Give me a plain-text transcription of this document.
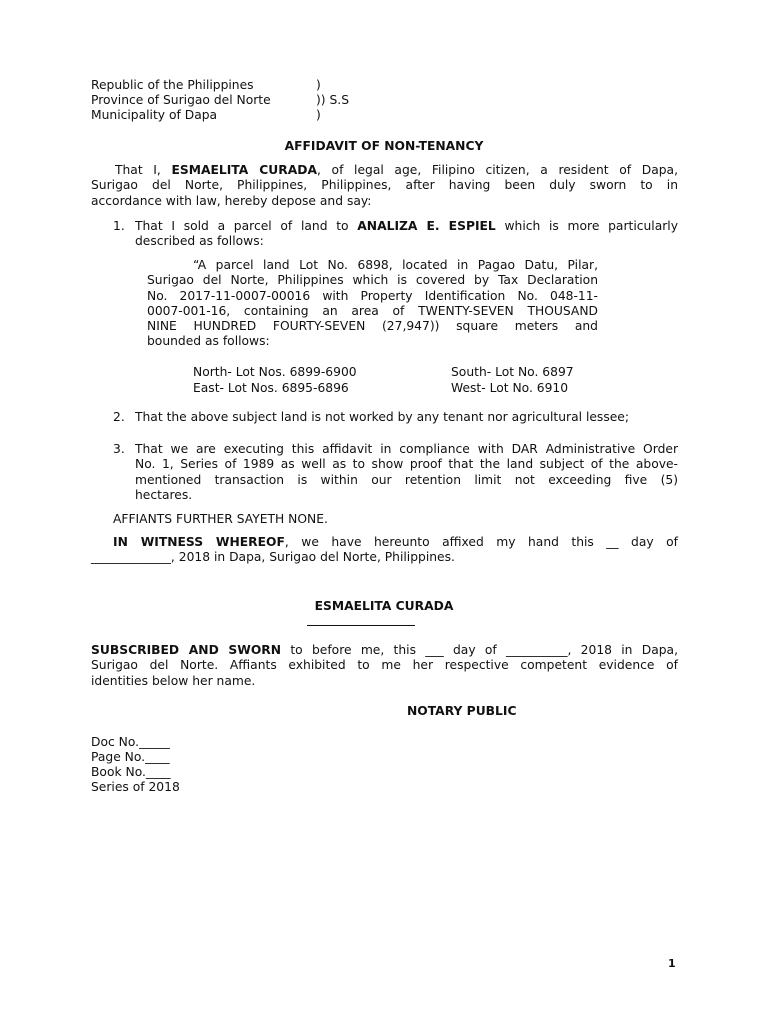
Republic of the Philippines	)
Province of Surigao del Norte	)) S.S
Municipality of Dapa	)
AFFIDAVIT OF NON-TENANCY
That I, ESMAELITA CURADA, of legal age, Filipino citizen, a resident of Dapa,
Surigao del Norte, Philippines, Philippines, after having been duly sworn to in
accordance with law, hereby depose and say:
1. That I sold a parcel of land to ANALIZA E. ESPIEL which is more particularly
described as follows:
“A parcel land Lot No. 6898, located in Pagao Datu, Pilar,
Surigao del Norte, Philippines which is covered by Tax Declaration
No. 2017-11-0007-00016 with Property Identification No. 048-11-
0007-001-16, containing an area of TWENTY-SEVEN THOUSAND
NINE HUNDRED FOURTY-SEVEN (27,947)) square meters and
bounded as follows:
North- Lot Nos. 6899-6900	South- Lot No. 6897
East- Lot Nos. 6895-6896	West- Lot No. 6910
2. That the above subject land is not worked by any tenant nor agricultural lessee;
3. That we are executing this affidavit in compliance with DAR Administrative Order
No. 1, Series of 1989 as well as to show proof that the land subject of the above-
mentioned transaction is within our retention limit not exceeding five (5)
hectares.
AFFIANTS FURTHER SAYETH NONE.
IN WITNESS WHEREOF, we have hereunto affixed my hand this __ day of
_____________, 2018 in Dapa, Surigao del Norte, Philippines.
ESMAELITA CURADA
SUBSCRIBED AND SWORN to before me, this ___ day of __________, 2018 in Dapa,
Surigao del Norte. Affiants exhibited to me her respective competent evidence of
identities below her name.
NOTARY PUBLIC
Doc No._____
Page No.____
Book No.____
Series of 2018
1
